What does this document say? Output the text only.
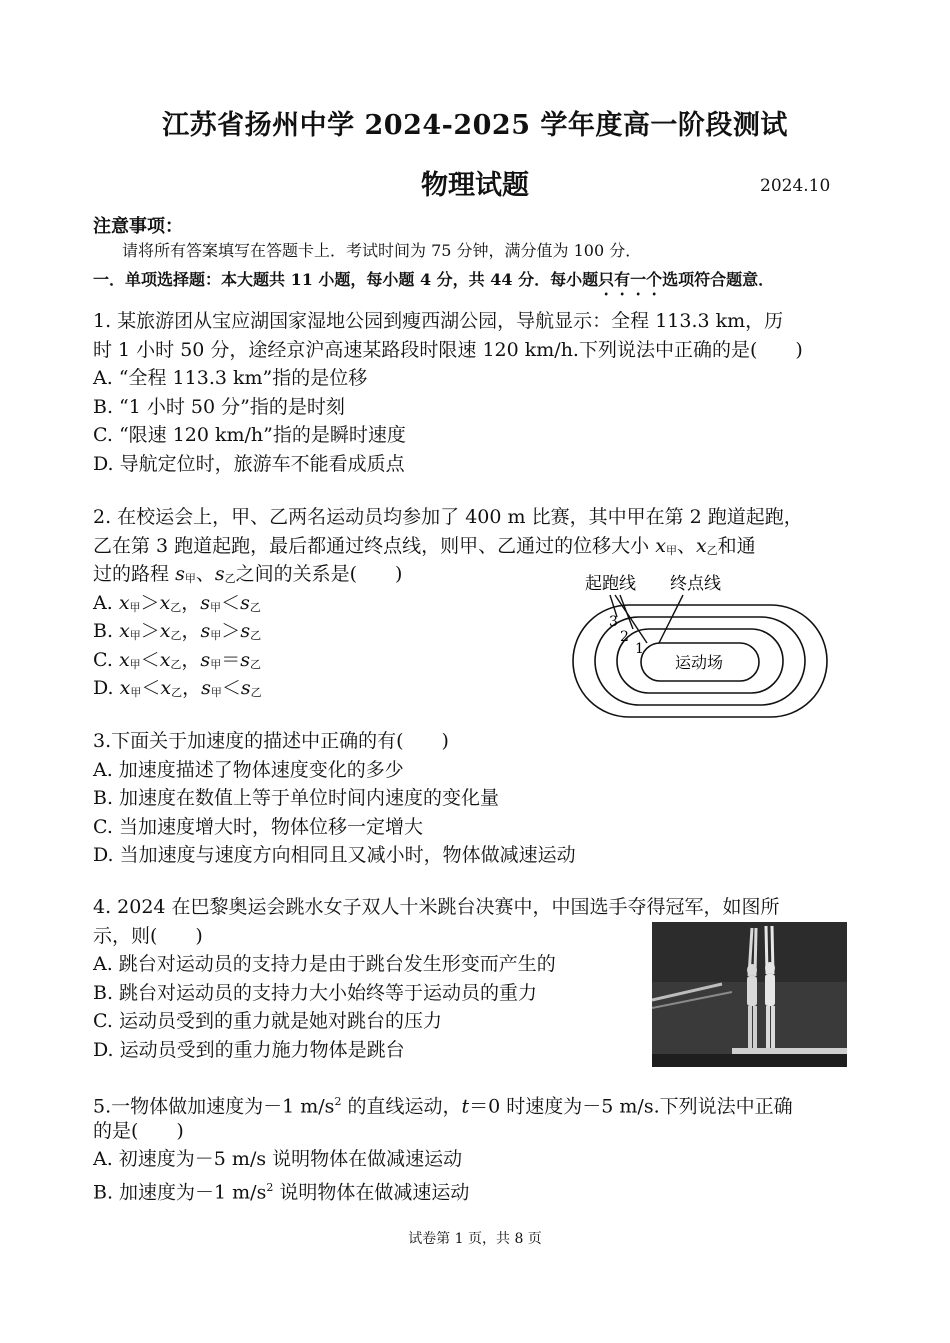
江苏省扬州中学 2024-2025 学年度高一阶段测试
物理试题	2024.10
注意事项：
请将所有答案填写在答题卡上．考试时间为 75 分钟，满分值为 100 分．
一．单项选择题：本大题共 11 小题，每小题 4 分，共 44 分．每小题只有一个选项符合题意．
1. 某旅游团从宝应湖国家湿地公园到瘦西湖公园，导航显示：全程 113.3 km，历
时 1 小时 50 分，途经京沪高速某路段时限速 120 km/h.下列说法中正确的是(　　)
A. “全程 113.3 km”指的是位移
B. “1 小时 50 分”指的是时刻
C. “限速 120 km/h”指的是瞬时速度
D. 导航定位时，旅游车不能看成质点
2. 在校运会上，甲、乙两名运动员均参加了 400 m 比赛，其中甲在第 2 跑道起跑，
乙在第 3 跑道起跑，最后都通过终点线，则甲、乙通过的位移大小 $x_甲$、$x_乙$和通
过的路程 $s_甲$、$s_乙$之间的关系是(　　)
A. $x_甲>x_乙$，$s_甲<s_乙$
B. $x_甲>x_乙$，$s_甲>s_乙$
C. $x_甲<x_乙$，$s_甲=s_乙$
D. $x_甲<x_乙$，$s_甲<s_乙$
起跑线 终点线
3
2
1
运动场
3.下面关于加速度的描述中正确的有(　　)
A. 加速度描述了物体速度变化的多少
B. 加速度在数值上等于单位时间内速度的变化量
C. 当加速度增大时，物体位移一定增大
D. 当加速度与速度方向相同且又减小时，物体做减速运动
4. 2024 在巴黎奥运会跳水女子双人十米跳台决赛中，中国选手夺得冠军，如图所
示，则(　　)
A. 跳台对运动员的支持力是由于跳台发生形变而产生的
B. 跳台对运动员的支持力大小始终等于运动员的重力
C. 运动员受到的重力就是她对跳台的压力
D. 运动员受到的重力施力物体是跳台
5.一物体做加速度为－1 $m/s^2$ 的直线运动，t＝0 时速度为－5 m/s.下列说法中正确
的是(　　)
A. 初速度为－5 m/s 说明物体在做减速运动
B. 加速度为－1 $m/s^2$ 说明物体在做减速运动
试卷第 1 页，共 8 页
